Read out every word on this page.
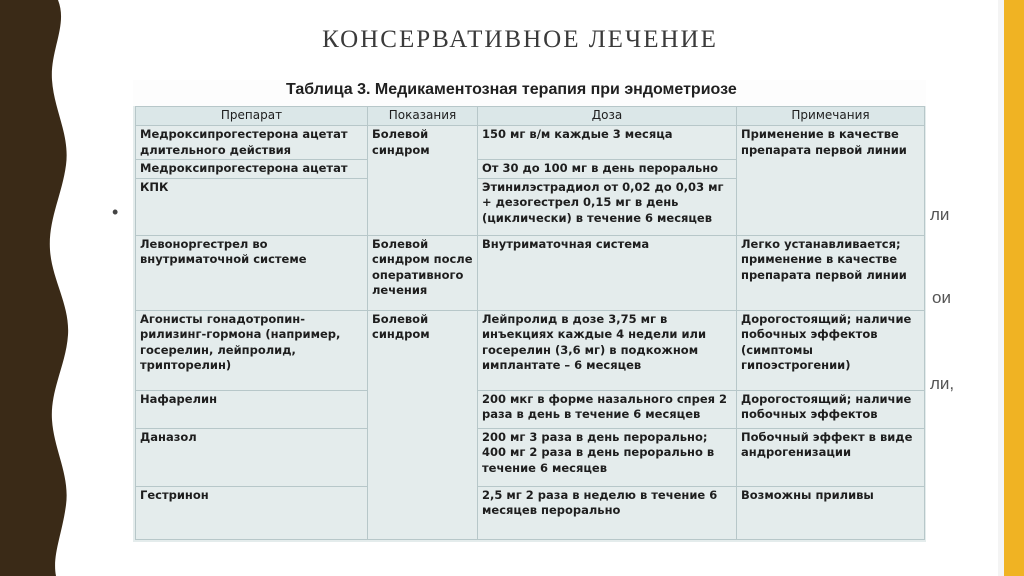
КОНСЕРВАТИВНОЕ ЛЕЧЕНИЕ
•	ли
ои
ли,
Таблица 3. Медикаментозная терапия при эндометриозе
Препарат	Показания	Доза	Примечания
Медроксипрогестерона ацетат длительного действия	Болевой синдром	150 мг в/м каждые 3 месяца	Применение в качестве препарата первой линии
Медроксипрогестерона ацетат		От 30 до 100 мг в день перорально	
КПК		Этинилэстрадиол от 0,02 до 0,03 мг + дезогестрел 0,15 мг в день (циклически) в течение 6 месяцев	
Левоноргестрел во внутриматочной системе	Болевой синдром после оперативного лечения	Внутриматочная система	Легко устанавливается; применение в качестве препарата первой линии
Агонисты гонадотропин-рилизинг-гормона (например, госерелин, лейпролид, трипторелин)	Болевой синдром	Лейпролид в дозе 3,75 мг в инъекциях каждые 4 недели или госерелин (3,6 мг) в подкожном имплантате – 6 месяцев	Дорогостоящий; наличие побочных эффектов (симптомы гипоэстрогении)
Нафарелин		200 мкг в форме назального спрея 2 раза в день в течение 6 месяцев	Дорогостоящий; наличие побочных эффектов
Даназол		200 мг 3 раза в день перорально; 400 мг 2 раза в день перорально в течение 6 месяцев	Побочный эффект в виде андрогенизации
Гестринон		2,5 мг 2 раза в неделю в течение 6 месяцев перорально	Возможны приливы
